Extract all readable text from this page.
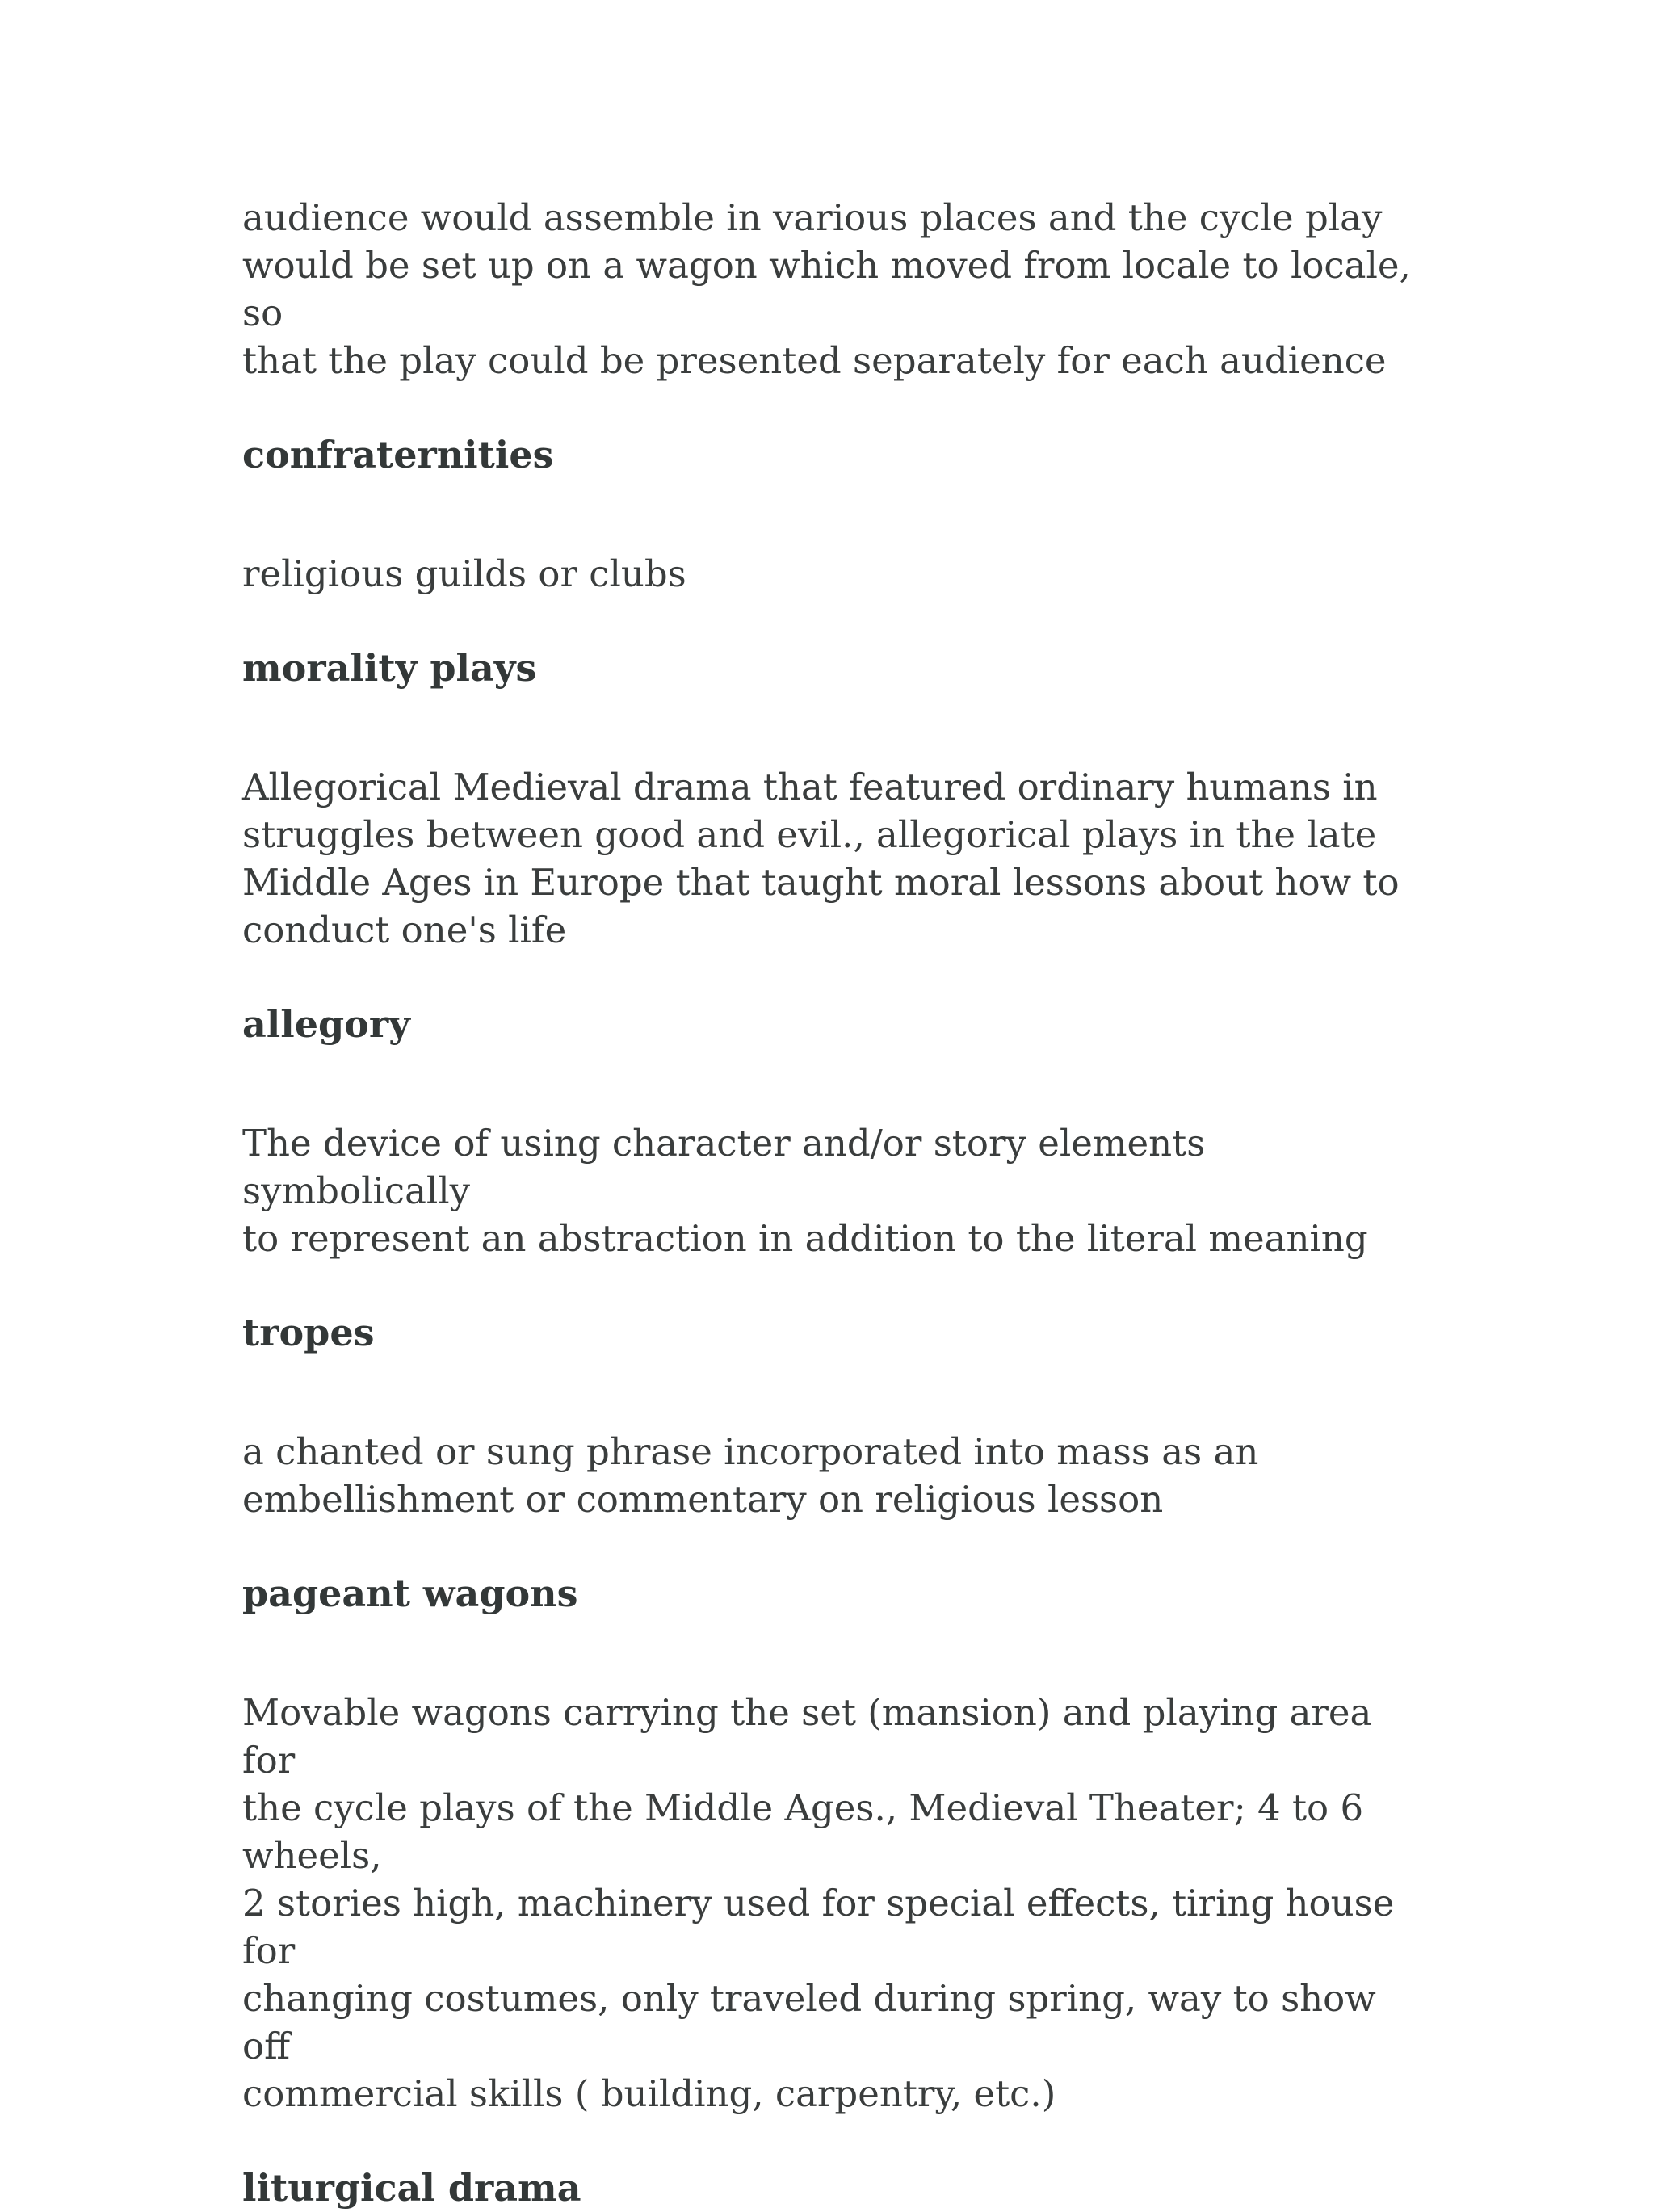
audience would assemble in various places and the cycle play
would be set up on a wagon which moved from locale to locale, so
that the play could be presented separately for each audience

confraternities

religious guilds or clubs

morality plays

Allegorical Medieval drama that featured ordinary humans in
struggles between good and evil., allegorical plays in the late
Middle Ages in Europe that taught moral lessons about how to
conduct one's life

allegory

The device of using character and/or story elements symbolically
to represent an abstraction in addition to the literal meaning

tropes

a chanted or sung phrase incorporated into mass as an
embellishment or commentary on religious lesson

pageant wagons

Movable wagons carrying the set (mansion) and playing area for
the cycle plays of the Middle Ages., Medieval Theater; 4 to 6 wheels,
2 stories high, machinery used for special effects, tiring house for
changing costumes, only traveled during spring, way to show off
commercial skills ( building, carpentry, etc.)

liturgical drama
